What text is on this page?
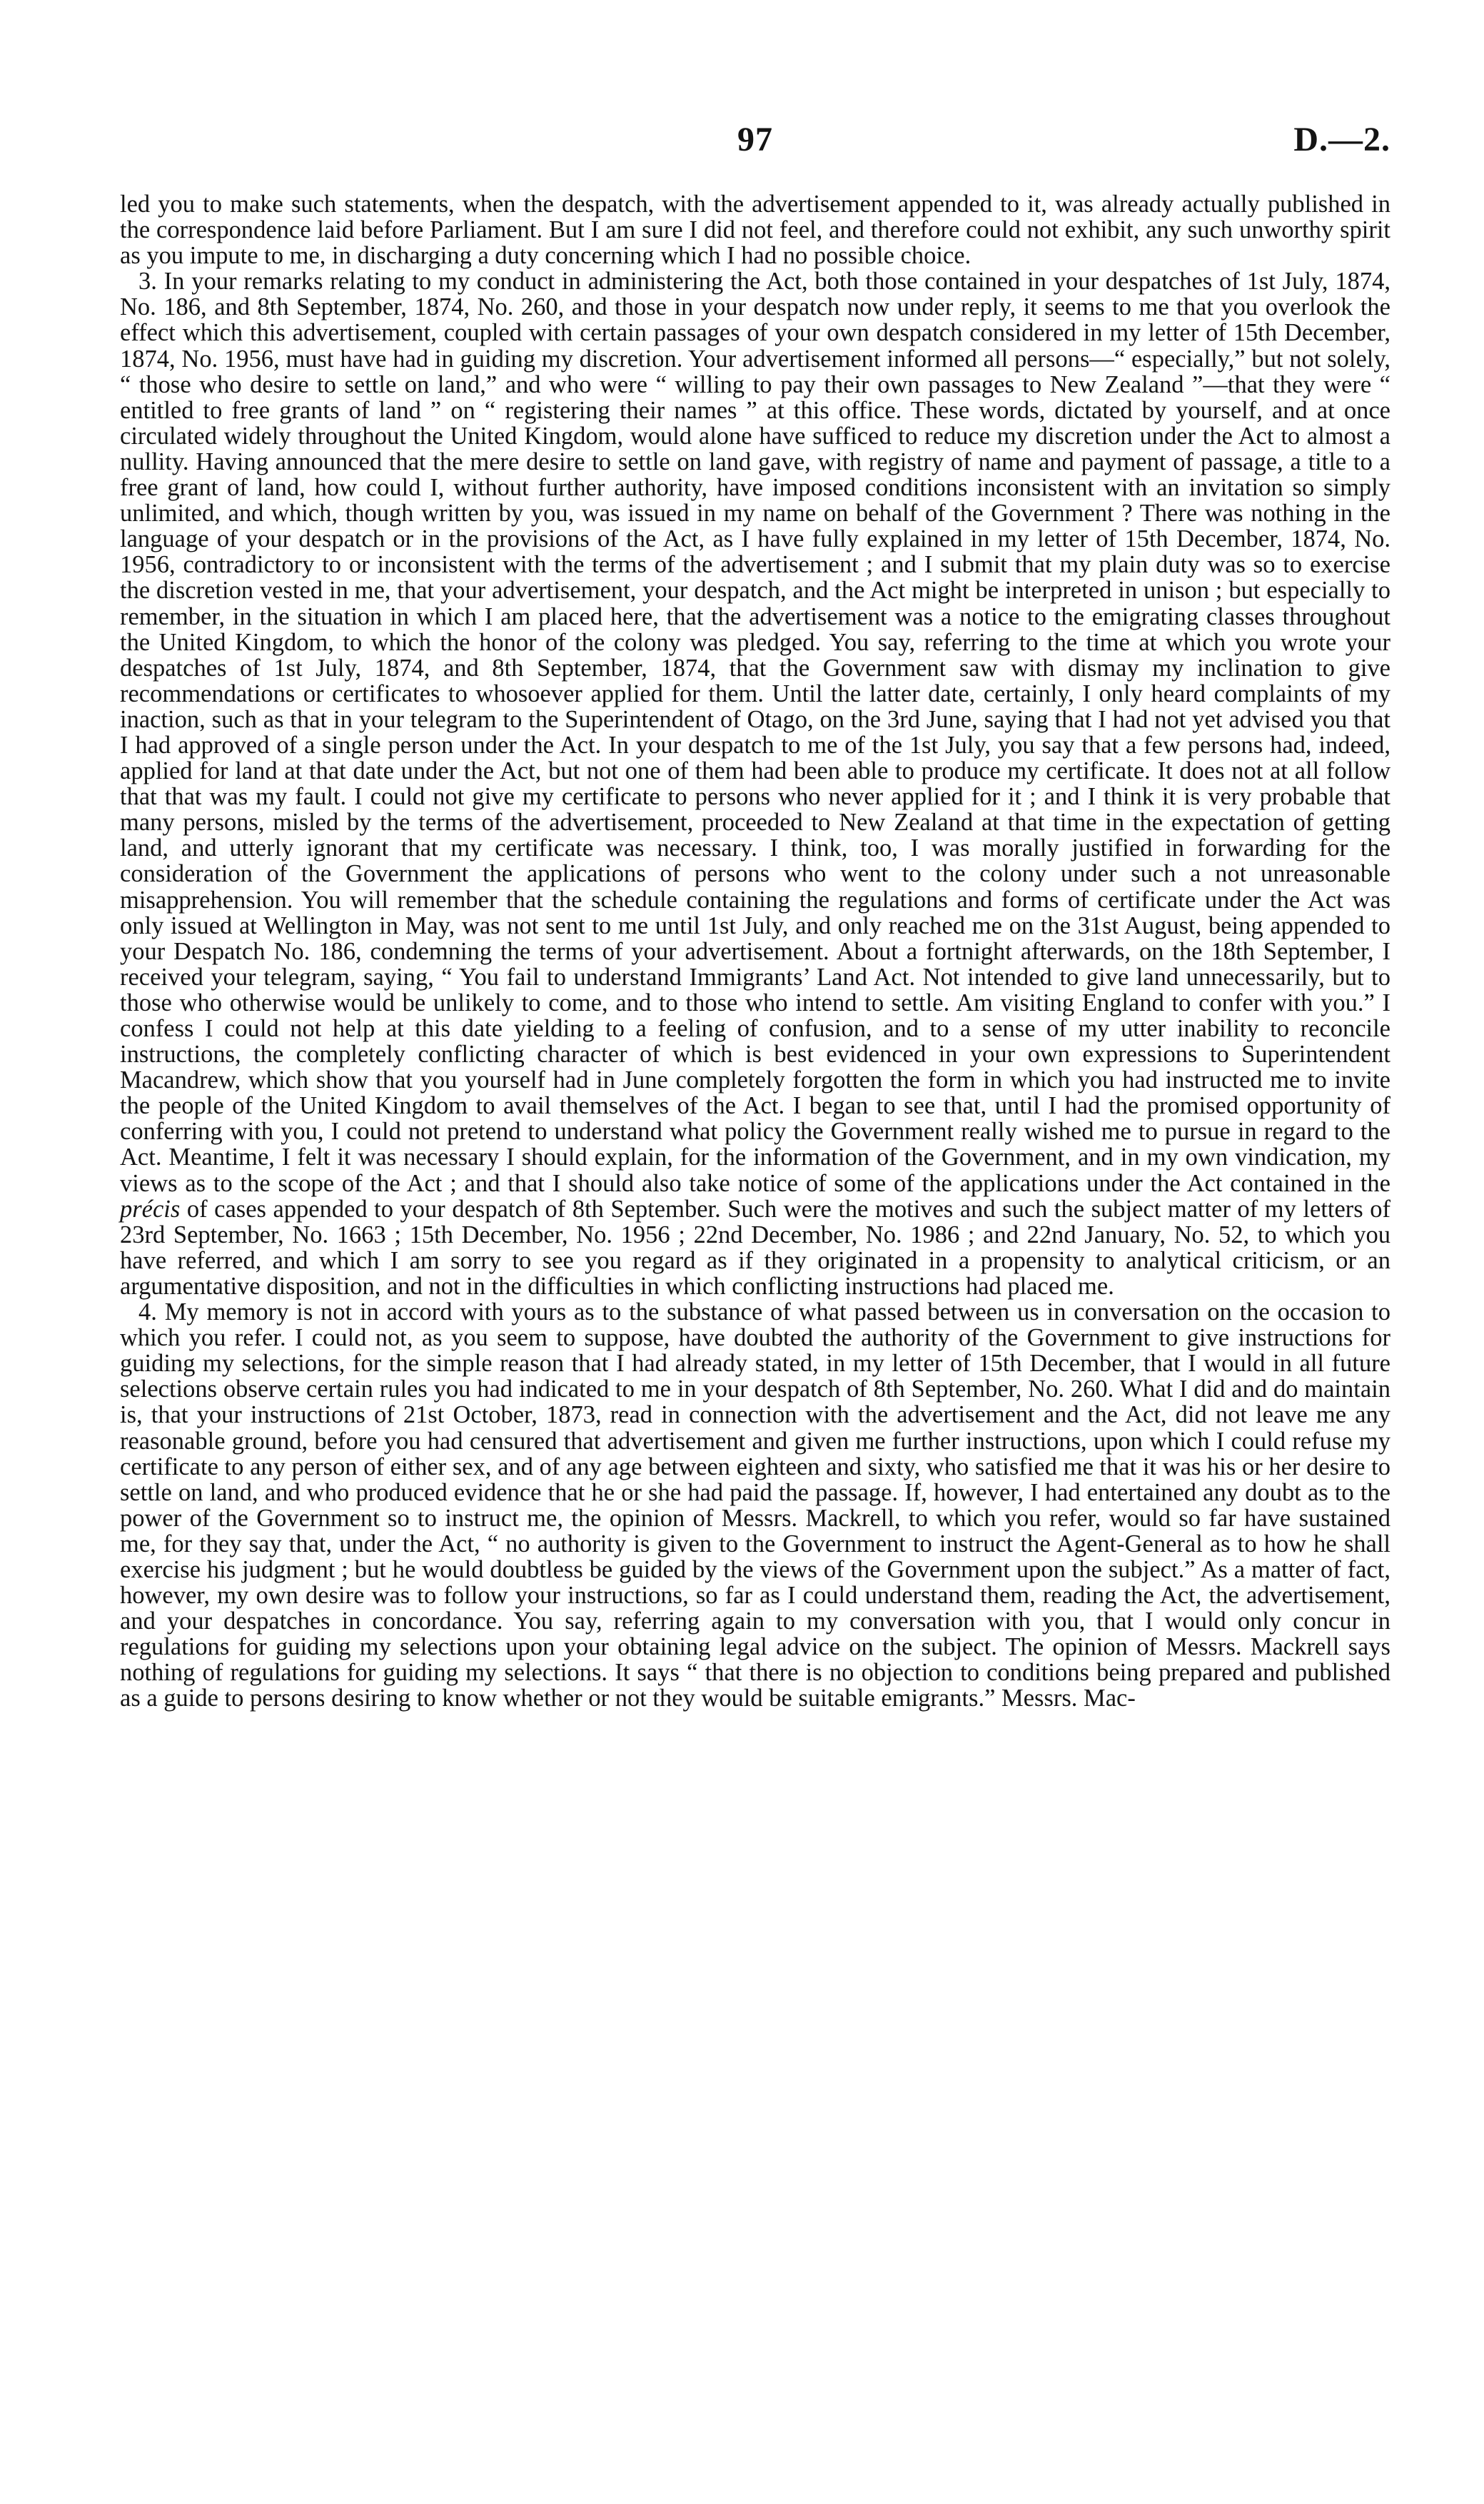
97	D.—2.

led you to make such statements, when the despatch, with the advertisement appended to it, was already actually published in the correspondence laid before Parliament. But I am sure I did not feel, and therefore could not exhibit, any such unworthy spirit as you impute to me, in discharging a duty concerning which I had no possible choice.

3. In your remarks relating to my conduct in administering the Act, both those contained in your despatches of 1st July, 1874, No. 186, and 8th September, 1874, No. 260, and those in your despatch now under reply, it seems to me that you overlook the effect which this advertisement, coupled with certain passages of your own despatch considered in my letter of 15th December, 1874, No. 1956, must have had in guiding my discretion. Your advertisement informed all persons—“ especially,” but not solely, “ those who desire to settle on land,” and who were “ willing to pay their own passages to New Zealand ”—that they were “ entitled to free grants of land ” on “ registering their names ” at this office. These words, dictated by yourself, and at once circulated widely throughout the United Kingdom, would alone have sufficed to reduce my discretion under the Act to almost a nullity. Having announced that the mere desire to settle on land gave, with registry of name and payment of passage, a title to a free grant of land, how could I, without further authority, have imposed conditions inconsistent with an invitation so simply unlimited, and which, though written by you, was issued in my name on behalf of the Government ? There was nothing in the language of your despatch or in the provisions of the Act, as I have fully explained in my letter of 15th December, 1874, No. 1956, contradictory to or inconsistent with the terms of the advertisement ; and I submit that my plain duty was so to exercise the discretion vested in me, that your advertisement, your despatch, and the Act might be interpreted in unison ; but especially to remember, in the situation in which I am placed here, that the advertisement was a notice to the emigrating classes throughout the United Kingdom, to which the honor of the colony was pledged. You say, referring to the time at which you wrote your despatches of 1st July, 1874, and 8th September, 1874, that the Government saw with dismay my inclination to give recommendations or certificates to whosoever applied for them. Until the latter date, certainly, I only heard complaints of my inaction, such as that in your telegram to the Superintendent of Otago, on the 3rd June, saying that I had not yet advised you that I had approved of a single person under the Act. In your despatch to me of the 1st July, you say that a few persons had, indeed, applied for land at that date under the Act, but not one of them had been able to produce my certificate. It does not at all follow that that was my fault. I could not give my certificate to persons who never applied for it ; and I think it is very probable that many persons, misled by the terms of the advertisement, proceeded to New Zealand at that time in the expectation of getting land, and utterly ignorant that my certificate was necessary. I think, too, I was morally justified in forwarding for the consideration of the Government the applications of persons who went to the colony under such a not unreasonable misapprehension. You will remember that the schedule containing the regulations and forms of certificate under the Act was only issued at Wellington in May, was not sent to me until 1st July, and only reached me on the 31st August, being appended to your Despatch No. 186, condemning the terms of your advertisement. About a fortnight afterwards, on the 18th September, I received your telegram, saying, “ You fail to understand Immigrants’ Land Act. Not intended to give land unnecessarily, but to those who otherwise would be unlikely to come, and to those who intend to settle. Am visiting England to confer with you.” I confess I could not help at this date yielding to a feeling of confusion, and to a sense of my utter inability to reconcile instructions, the completely conflicting character of which is best evidenced in your own expressions to Superintendent Macandrew, which show that you yourself had in June completely forgotten the form in which you had instructed me to invite the people of the United Kingdom to avail themselves of the Act. I began to see that, until I had the promised opportunity of conferring with you, I could not pretend to understand what policy the Government really wished me to pursue in regard to the Act. Meantime, I felt it was necessary I should explain, for the information of the Government, and in my own vindication, my views as to the scope of the Act ; and that I should also take notice of some of the applications under the Act contained in the précis of cases appended to your despatch of 8th September. Such were the motives and such the subject matter of my letters of 23rd September, No. 1663 ; 15th December, No. 1956 ; 22nd December, No. 1986 ; and 22nd January, No. 52, to which you have referred, and which I am sorry to see you regard as if they originated in a propensity to analytical criticism, or an argumentative disposition, and not in the difficulties in which conflicting instructions had placed me.

4. My memory is not in accord with yours as to the substance of what passed between us in conversation on the occasion to which you refer. I could not, as you seem to suppose, have doubted the authority of the Government to give instructions for guiding my selections, for the simple reason that I had already stated, in my letter of 15th December, that I would in all future selections observe certain rules you had indicated to me in your despatch of 8th September, No. 260. What I did and do maintain is, that your instructions of 21st October, 1873, read in connection with the advertisement and the Act, did not leave me any reasonable ground, before you had censured that advertisement and given me further instructions, upon which I could refuse my certificate to any person of either sex, and of any age between eighteen and sixty, who satisfied me that it was his or her desire to settle on land, and who produced evidence that he or she had paid the passage. If, however, I had entertained any doubt as to the power of the Government so to instruct me, the opinion of Messrs. Mackrell, to which you refer, would so far have sustained me, for they say that, under the Act, “ no authority is given to the Government to instruct the Agent-General as to how he shall exercise his judgment ; but he would doubtless be guided by the views of the Government upon the subject.” As a matter of fact, however, my own desire was to follow your instructions, so far as I could understand them, reading the Act, the advertisement, and your despatches in concordance. You say, referring again to my conversation with you, that I would only concur in regulations for guiding my selections upon your obtaining legal advice on the subject. The opinion of Messrs. Mackrell says nothing of regulations for guiding my selections. It says “ that there is no objection to conditions being prepared and published as a guide to persons desiring to know whether or not they would be suitable emigrants.” Messrs. Mac-
